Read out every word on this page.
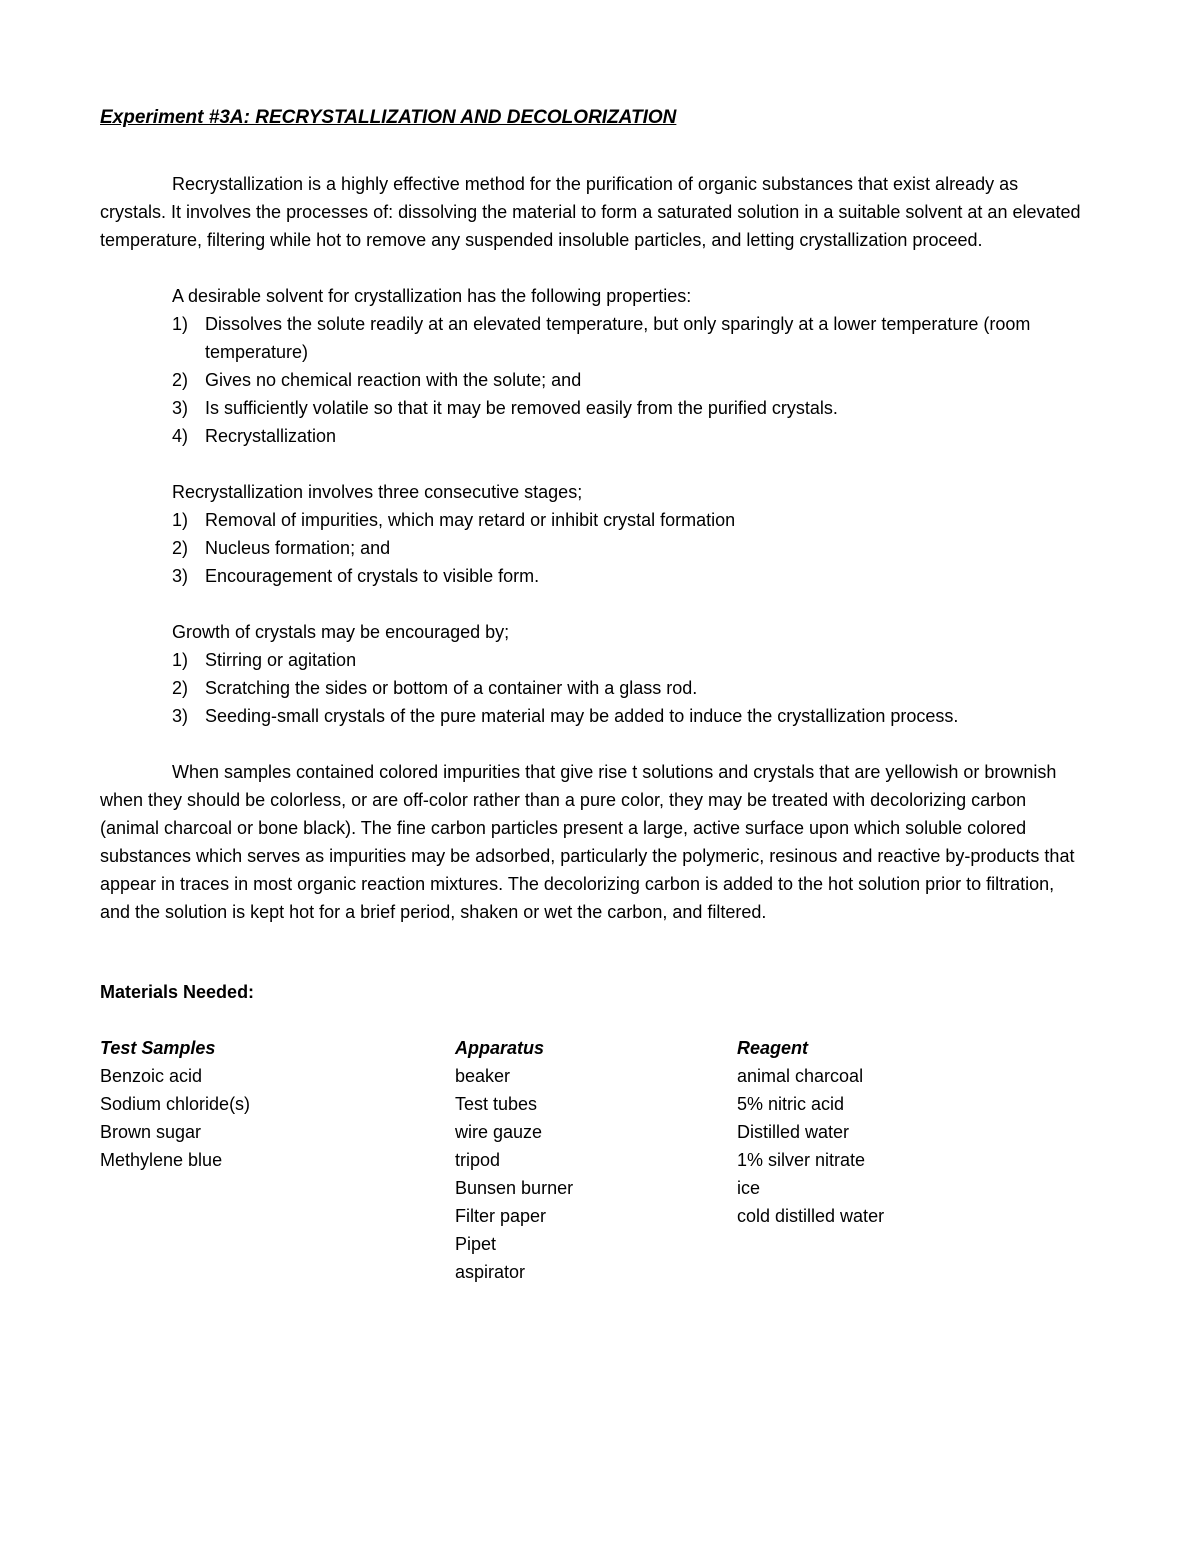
Experiment #3A: RECRYSTALLIZATION AND DECOLORIZATION

Recrystallization is a highly effective method for the purification of organic substances that exist already as crystals. It involves the processes of: dissolving the material to form a saturated solution in a suitable solvent at an elevated temperature, filtering while hot to remove any suspended insoluble particles, and letting crystallization proceed.

A desirable solvent for crystallization has the following properties:
1) Dissolves the solute readily at an elevated temperature, but only sparingly at a lower temperature (room temperature)
2) Gives no chemical reaction with the solute; and
3) Is sufficiently volatile so that it may be removed easily from the purified crystals.
4) Recrystallization
Recrystallization involves three consecutive stages;
1) Removal of impurities, which may retard or inhibit crystal formation
2) Nucleus formation; and
3) Encouragement of crystals to visible form.
Growth of crystals may be encouraged by;
1) Stirring or agitation
2) Scratching the sides or bottom of a container with a glass rod.
3) Seeding-small crystals of the pure material may be added to induce the crystallization process.

When samples contained colored impurities that give rise t solutions and crystals that are yellowish or brownish when they should be colorless, or are off-color rather than a pure color, they may be treated with decolorizing carbon (animal charcoal or bone black). The fine carbon particles present a large, active surface upon which soluble colored substances which serves as impurities may be adsorbed, particularly the polymeric, resinous and reactive by-products that appear in traces in most organic reaction mixtures. The decolorizing carbon is added to the hot solution prior to filtration, and the solution is kept hot for a brief period, shaken or wet the carbon, and filtered.

Materials Needed:
Test Samples
Benzoic acid
Sodium chloride(s)
Brown sugar
Methylene blue
Apparatus
beaker
Test tubes
wire gauze
tripod
Bunsen burner
Filter paper
Pipet
aspirator
Reagent
animal charcoal
5% nitric acid
Distilled water
1% silver nitrate
ice
cold distilled water
